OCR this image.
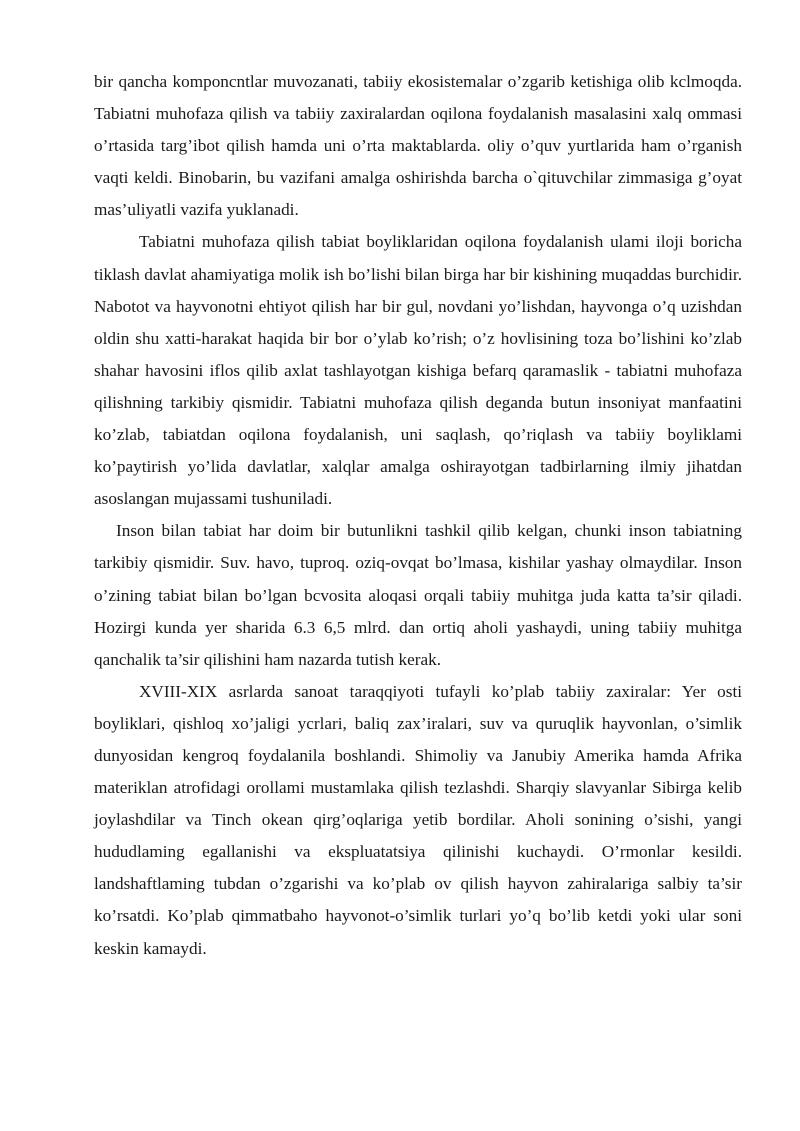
bir qancha komponcntlar muvozanati, tabiiy ekosistemalar o’zgarib ketishiga olib kclmoqda. Tabiatni muhofaza qilish va tabiiy zaxiralardan oqilona foydalanish masalasini xalq ommasi o’rtasida targ’ibot qilish hamda uni o’rta maktablarda. oliy o’quv yurtlarida ham o’rganish vaqti keldi. Binobarin, bu vazifani amalga oshirishda barcha o`qituvchilar zimmasiga g’oyat mas’uliyatli vazifa yuklanadi.

Tabiatni muhofaza qilish tabiat boyliklaridan oqilona foydalanish ulami iloji boricha tiklash davlat ahamiyatiga molik ish bo’lishi bilan birga har bir kishining muqaddas burchidir. Nabotot va hayvonotni ehtiyot qilish har bir gul, novdani yo’lishdan, hayvonga o’q uzishdan oldin shu xatti-harakat haqida bir bor o’ylab ko’rish; o’z hovlisining toza bo’lishini ko’zlab shahar havosini iflos qilib axlat tashlayotgan kishiga befarq qaramaslik - tabiatni muhofaza qilishning tarkibiy qismidir. Tabiatni muhofaza qilish deganda butun insoniyat manfaatini ko’zlab, tabiatdan oqilona foydalanish, uni saqlash, qo’riqlash va tabiiy boyliklami ko’paytirish yo’lida davlatlar, xalqlar amalga oshirayotgan tadbirlarning ilmiy jihatdan asoslangan mujassami tushuniladi.

Inson bilan tabiat har doim bir butunlikni tashkil qilib kelgan, chunki inson tabiatning tarkibiy qismidir. Suv. havo, tuproq. oziq-ovqat bo’lmasa, kishilar yashay olmaydilar. Inson o’zining tabiat bilan bo’lgan bcvosita aloqasi orqali tabiiy muhitga juda katta ta’sir qiladi. Hozirgi kunda yer sharida 6.3 6,5 mlrd. dan ortiq aholi yashaydi, uning tabiiy muhitga qanchalik ta’sir qilishini ham nazarda tutish kerak.

XVIII-XIX asrlarda sanoat taraqqiyoti tufayli ko’plab tabiiy zaxiralar: Yer osti boyliklari, qishloq xo’jaligi ycrlari, baliq zax’iralari, suv va quruqlik hayvonlan, o’simlik dunyosidan kengroq foydalanila boshlandi. Shimoliy va Janubiy Amerika hamda Afrika materiklan atrofidagi orollami mustamlaka qilish tezlashdi. Sharqiy slavyanlar Sibirga kelib joylashdilar va Tinch okean qirg’oqlariga yetib bordilar. Aholi sonining o’sishi, yangi hududlaming egallanishi va ekspluatatsiya qilinishi kuchaydi. O’rmonlar kesildi. landshaftlaming tubdan o’zgarishi va ko’plab ov qilish hayvon zahiralariga salbiy ta’sir ko’rsatdi. Ko’plab qimmatbaho hayvonot-o’simlik turlari yo’q bo’lib ketdi yoki ular soni keskin kamaydi.
